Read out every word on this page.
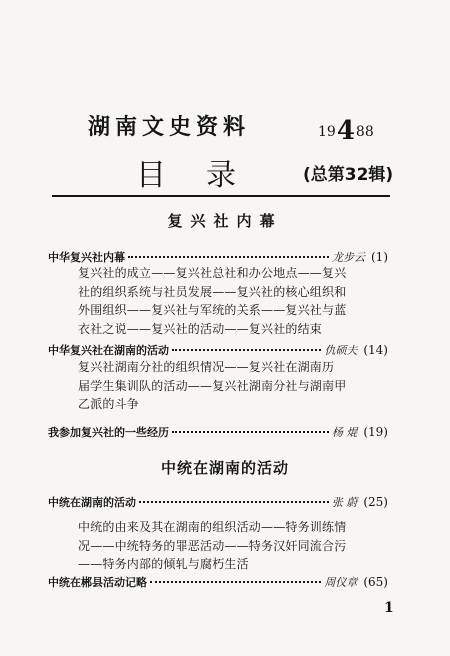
湖南文史资料	19488
目录 (总第32辑)
复兴社内幕
中华复兴社内幕	龙步云 (1)
复兴社的成立——复兴社总社和办公地点——复兴
社的组织系统与社员发展——复兴社的核心组织和
外围组织——复兴社与军统的关系——复兴社与蓝
衣社之说——复兴社的活动——复兴社的结束
中华复兴社在湖南的活动	仇硕夫 (14)
复兴社湖南分社的组织情况——复兴社在湖南历
届学生集训队的活动——复兴社湖南分社与湖南甲
乙派的斗争
我参加复兴社的一些经历	杨 焜 (19)
中统在湖南的活动
中统在湖南的活动	张 蔚 (25)
中统的由来及其在湖南的组织活动——特务训练情
况——中统特务的罪恶活动——特务汉奸同流合污
——特务内部的倾轧与腐朽生活
中统在郴县活动记略	周仪章 (65)
1
